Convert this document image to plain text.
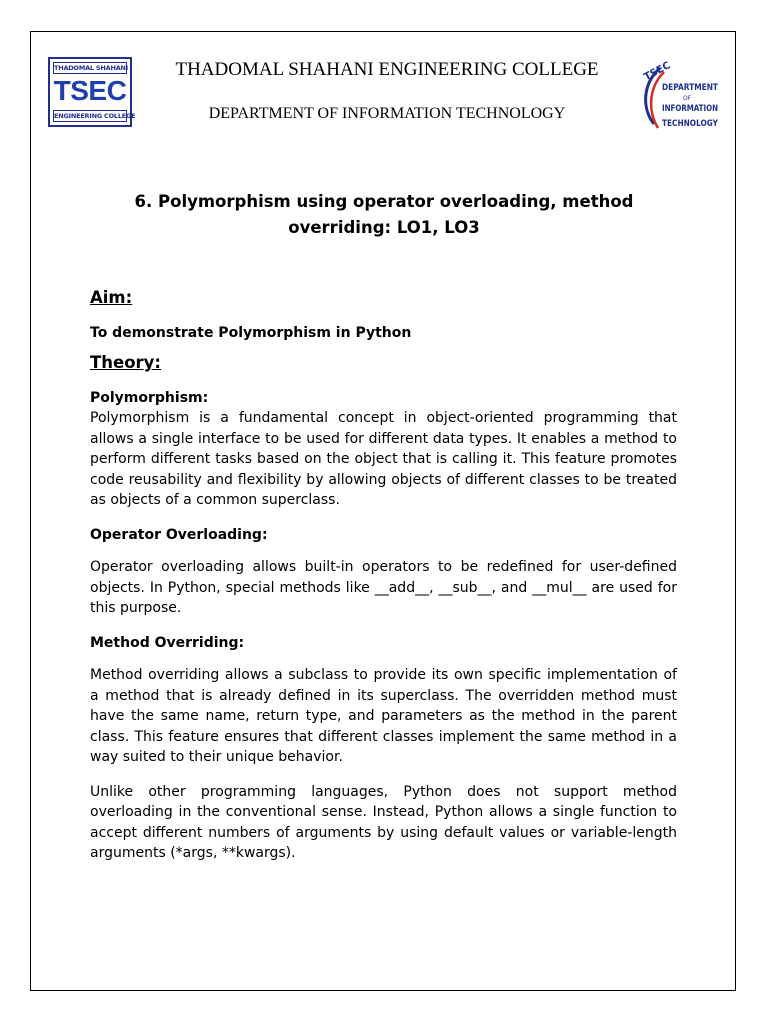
THADOMAL SHAHANI
TSEC
ENGINEERING COLLEGE
THADOMAL SHAHANI ENGINEERING COLLEGE
DEPARTMENT OF INFORMATION TECHNOLOGY
TSEC
DEPARTMENT
OF
INFORMATION
TECHNOLOGY
6. Polymorphism using operator overloading, method overriding: LO1, LO3
Aim:
To demonstrate Polymorphism in Python
Theory:
Polymorphism:

Polymorphism is a fundamental concept in object-oriented programming that allows a single interface to be used for different data types. It enables a method to perform different tasks based on the object that is calling it. This feature promotes code reusability and flexibility by allowing objects of different classes to be treated as objects of a common superclass.

Operator Overloading:

Operator overloading allows built-in operators to be redefined for user-defined objects. In Python, special methods like __add__, __sub__, and __mul__ are used for this purpose.

Method Overriding:

Method overriding allows a subclass to provide its own specific implementation of a method that is already defined in its superclass. The overridden method must have the same name, return type, and parameters as the method in the parent class. This feature ensures that different classes implement the same method in a way suited to their unique behavior.

Unlike other programming languages, Python does not support method overloading in the conventional sense. Instead, Python allows a single function to accept different numbers of arguments by using default values or variable-length arguments (*args, **kwargs).
